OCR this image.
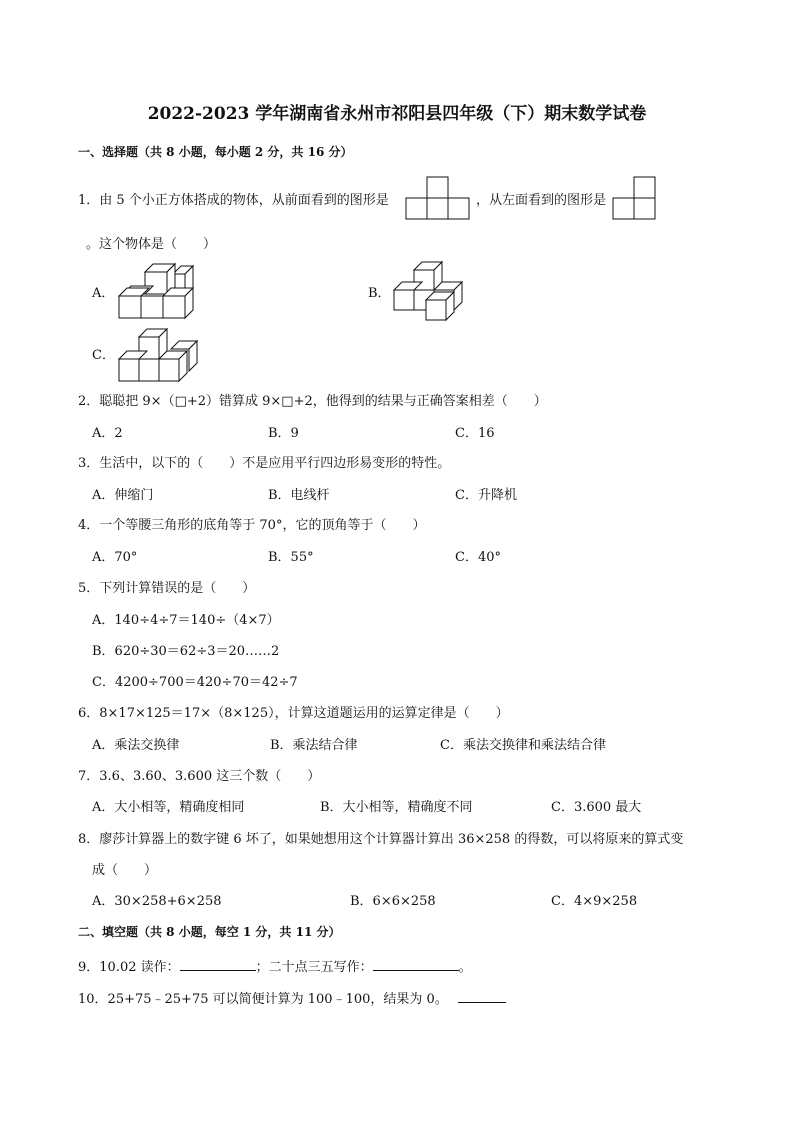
2022-2023 学年湖南省永州市祁阳县四年级（下）期末数学试卷
一、选择题（共 8 小题，每小题 2 分，共 16 分）
1．由 5 个小正方体搭成的物体，从前面看到的图形是	，从左面看到的图形是
。这个物体是（　　）
A．	B．
C．
2．聪聪把 9×（□+2）错算成 9×□+2，他得到的结果与正确答案相差（　　）
A．2	B．9	C．16
3．生活中，以下的（　　）不是应用平行四边形易变形的特性。
A．伸缩门	B．电线杆	C．升降机
4．一个等腰三角形的底角等于 70°，它的顶角等于（　　）
A．70°	B．55°	C．40°
5．下列计算错误的是（　　）
A．140÷4÷7＝140÷（4×7）
B．620÷30＝62÷3＝20……2
C．4200÷700＝420÷70＝42÷7
6．8×17×125＝17×（8×125），计算这道题运用的运算定律是（　　）
A．乘法交换律	B．乘法结合律	C．乘法交换律和乘法结合律
7．3.6、3.60、3.600 这三个数（　　）
A．大小相等，精确度相同	B．大小相等，精确度不同	C．3.600 最大
8．廖莎计算器上的数字键 6 坏了，如果她想用这个计算器计算出 36×258 的得数，可以将原来的算式变
成（　　）
A．30×258+6×258	B．6×6×258	C．4×9×258
二、填空题（共 8 小题，每空 1 分，共 11 分）
9．10.02 读作：	；二十点三五写作：	。
10．25+75﹣25+75 可以简便计算为 100﹣100，结果为 0。
